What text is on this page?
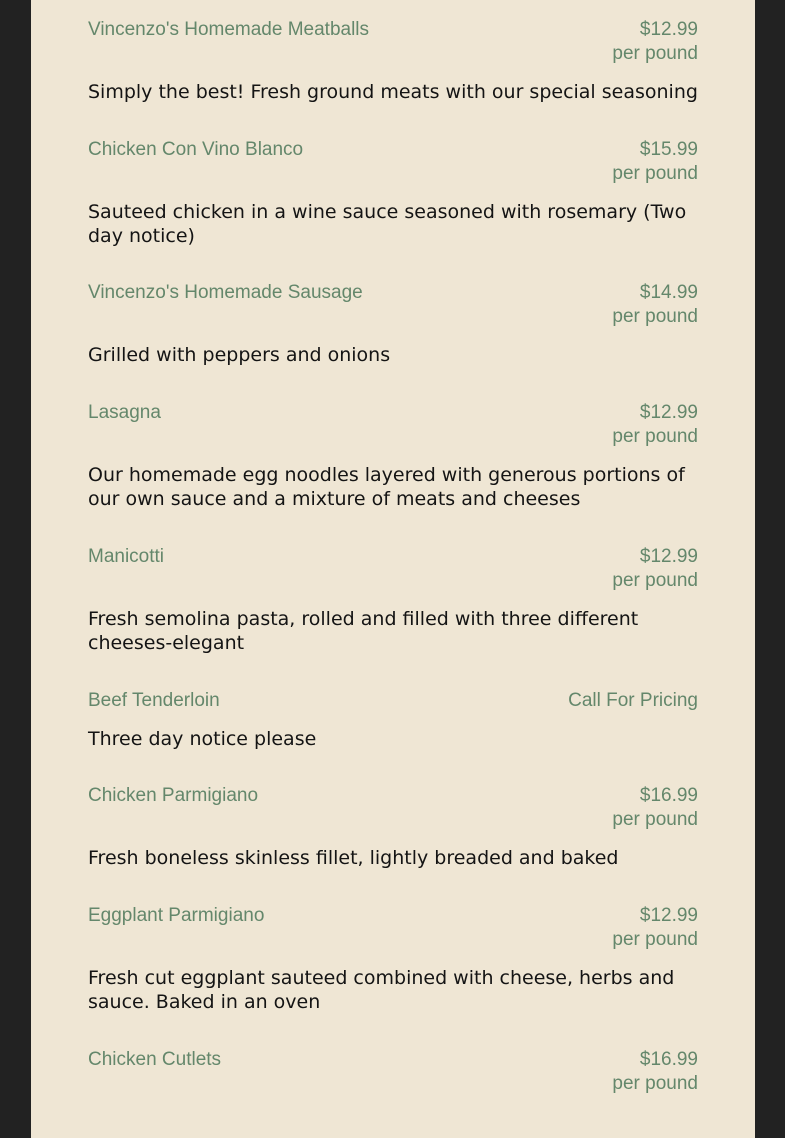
Vincenzo's Homemade Meatballs	$12.99
per pound
Simply the best! Fresh ground meats with our special seasoning
Chicken Con Vino Blanco	$15.99
per pound
Sauteed chicken in a wine sauce seasoned with rosemary (Two day notice)
Vincenzo's Homemade Sausage	$14.99
per pound
Grilled with peppers and onions
Lasagna	$12.99
per pound
Our homemade egg noodles layered with generous portions of our own sauce and a mixture of meats and cheeses
Manicotti	$12.99
per pound
Fresh semolina pasta, rolled and filled with three different cheeses-elegant
Beef Tenderloin	Call For Pricing
Three day notice please
Chicken Parmigiano	$16.99
per pound
Fresh boneless skinless fillet, lightly breaded and baked
Eggplant Parmigiano	$12.99
per pound
Fresh cut eggplant sauteed combined with cheese, herbs and sauce. Baked in an oven
Chicken Cutlets	$16.99
per pound
